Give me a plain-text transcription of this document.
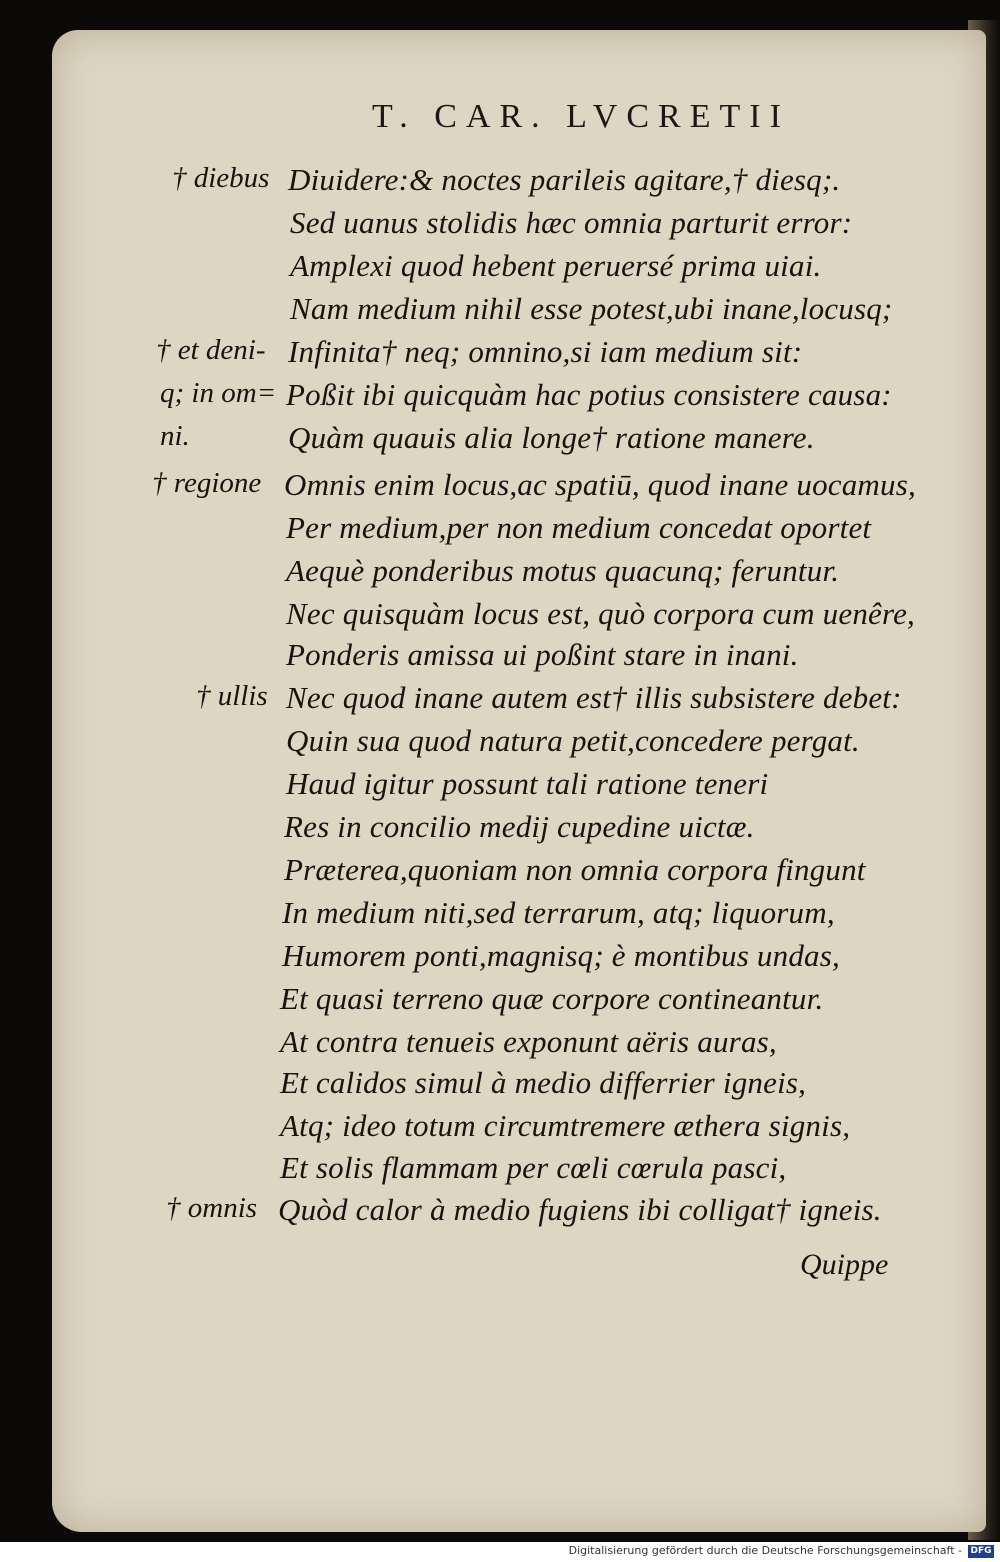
T. CAR. LVCRETII
† diebus
† et deni-
q; in om=
ni.
† regione
† ullis
† omnis
Diuidere:& noctes parileis agitare,† diesq;.
Sed uanus stolidis hæc omnia parturit error:
Amplexi quod hebent peruersé prima uiai.
Nam medium nihil esse potest,ubi inane,locusq;
Infinita† neq; omnino,si iam medium sit:
Poßit ibi quicquàm hac potius consistere causa:
Quàm quauis alia longe† ratione manere.
Omnis enim locus,ac spatiū, quod inane uocamus,
Per medium,per non medium concedat oportet
Aequè ponderibus motus quacunq; feruntur.
Nec quisquàm locus est, quò corpora cum uenêre,
Ponderis amissa ui poßint stare in inani.
Nec quod inane autem est† illis subsistere debet:
Quin sua quod natura petit,concedere pergat.
Haud igitur possunt tali ratione teneri
Res in concilio medij cupedine uictæ.
Præterea,quoniam non omnia corpora fingunt
In medium niti,sed terrarum, atq; liquorum,
Humorem ponti,magnisq; è montibus undas,
Et quasi terreno quæ corpore contineantur.
At contra tenueis exponunt aëris auras,
Et calidos simul à medio differrier igneis,
Atq; ideo totum circumtremere æthera signis,
Et solis flammam per cœli cœrula pasci,
Quòd calor à medio fugiens ibi colligat† igneis.
Quippe
Digitalisierung gefördert durch die Deutsche Forschungsgemeinschaft - DFG
